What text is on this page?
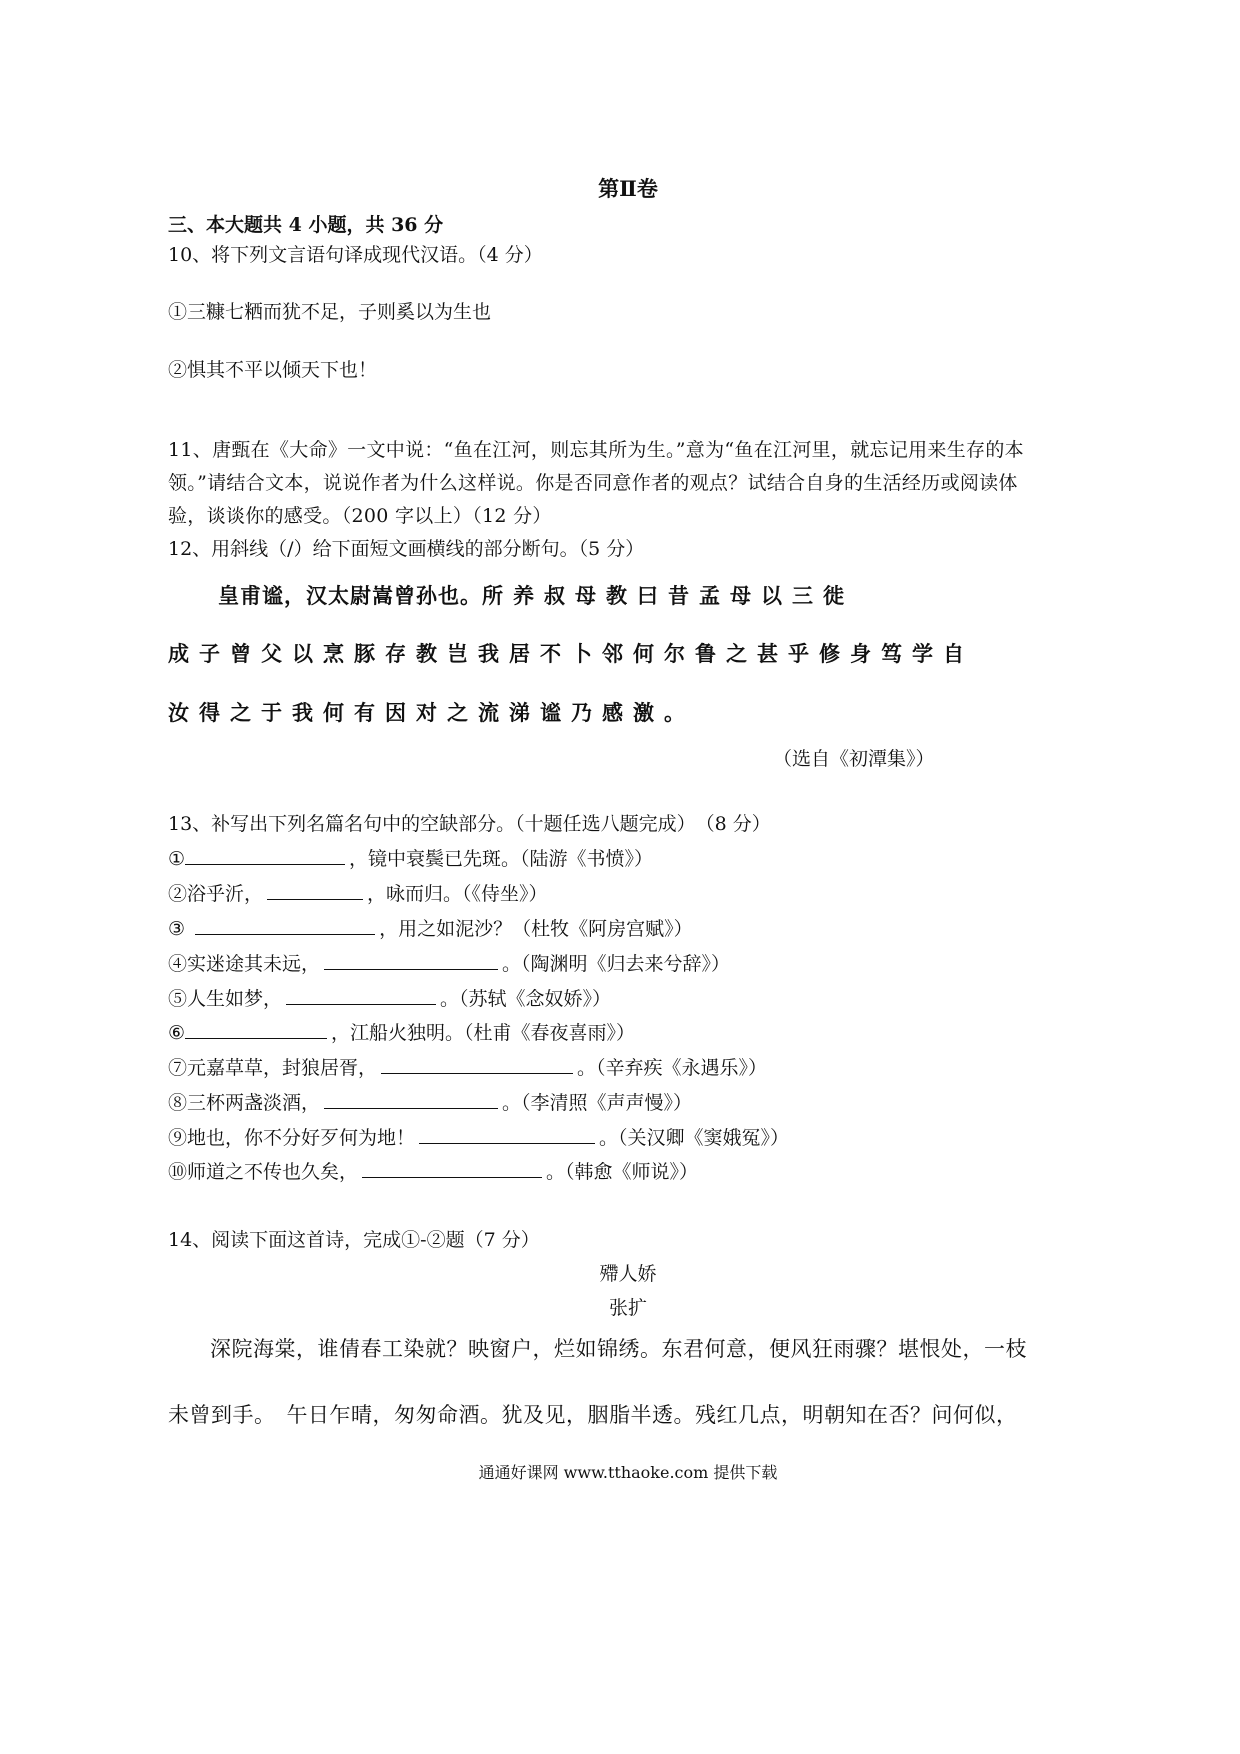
第Ⅱ卷
三、本大题共 4 小题，共 36 分
10、将下列文言语句译成现代汉语。（4 分）
①三糠七粞而犹不足，子则奚以为生也
②惧其不平以倾天下也！
11、唐甄在《大命》一文中说：“鱼在江河，则忘其所为生。”意为“鱼在江河里，就忘记用来生存的本领。”请结合文本，说说作者为什么这样说。你是否同意作者的观点？试结合自身的生活经历或阅读体验，谈谈你的感受。（200 字以上）（12 分）
12、用斜线（/）给下面短文画横线的部分断句。（5 分）
皇甫谧，汉太尉嵩曾孙也。所养叔母教曰昔孟母以三徙
成子曾父以烹豚存教岂我居不卜邻何尔鲁之甚乎修身笃学自
汝得之于我何有因对之流涕谧乃感激。
（选自《初潭集》）
13、补写出下列名篇名句中的空缺部分。（十题任选八题完成）　（8 分）
①	，镜中衰鬓已先斑。（陆游《书愤》）
②浴乎沂，	，咏而归。（《侍坐》）
③	，用之如泥沙？（杜牧《阿房宫赋》）
④实迷途其未远，	。（陶渊明《归去来兮辞》）
⑤人生如梦，	。（苏轼《念奴娇》）
⑥	，江船火独明。（杜甫《春夜喜雨》）
⑦元嘉草草，封狼居胥，	。（辛弃疾《永遇乐》）
⑧三杯两盏淡酒，	。（李清照《声声慢》）
⑨地也，你不分好歹何为地！	。（关汉卿《窦娥冤》）
⑩师道之不传也久矣，	。（韩愈《师说》）
14、阅读下面这首诗，完成①-②题（7 分）
殢人娇
张扩
深院海棠，谁倩春工染就？映窗户，烂如锦绣。东君何意，便风狂雨骤？堪恨处，一枝未曾到手。　午日乍晴，匆匆命酒。犹及见，胭脂半透。残红几点，明朝知在否？问何似，
通通好课网 www.tthaoke.com 提供下载
